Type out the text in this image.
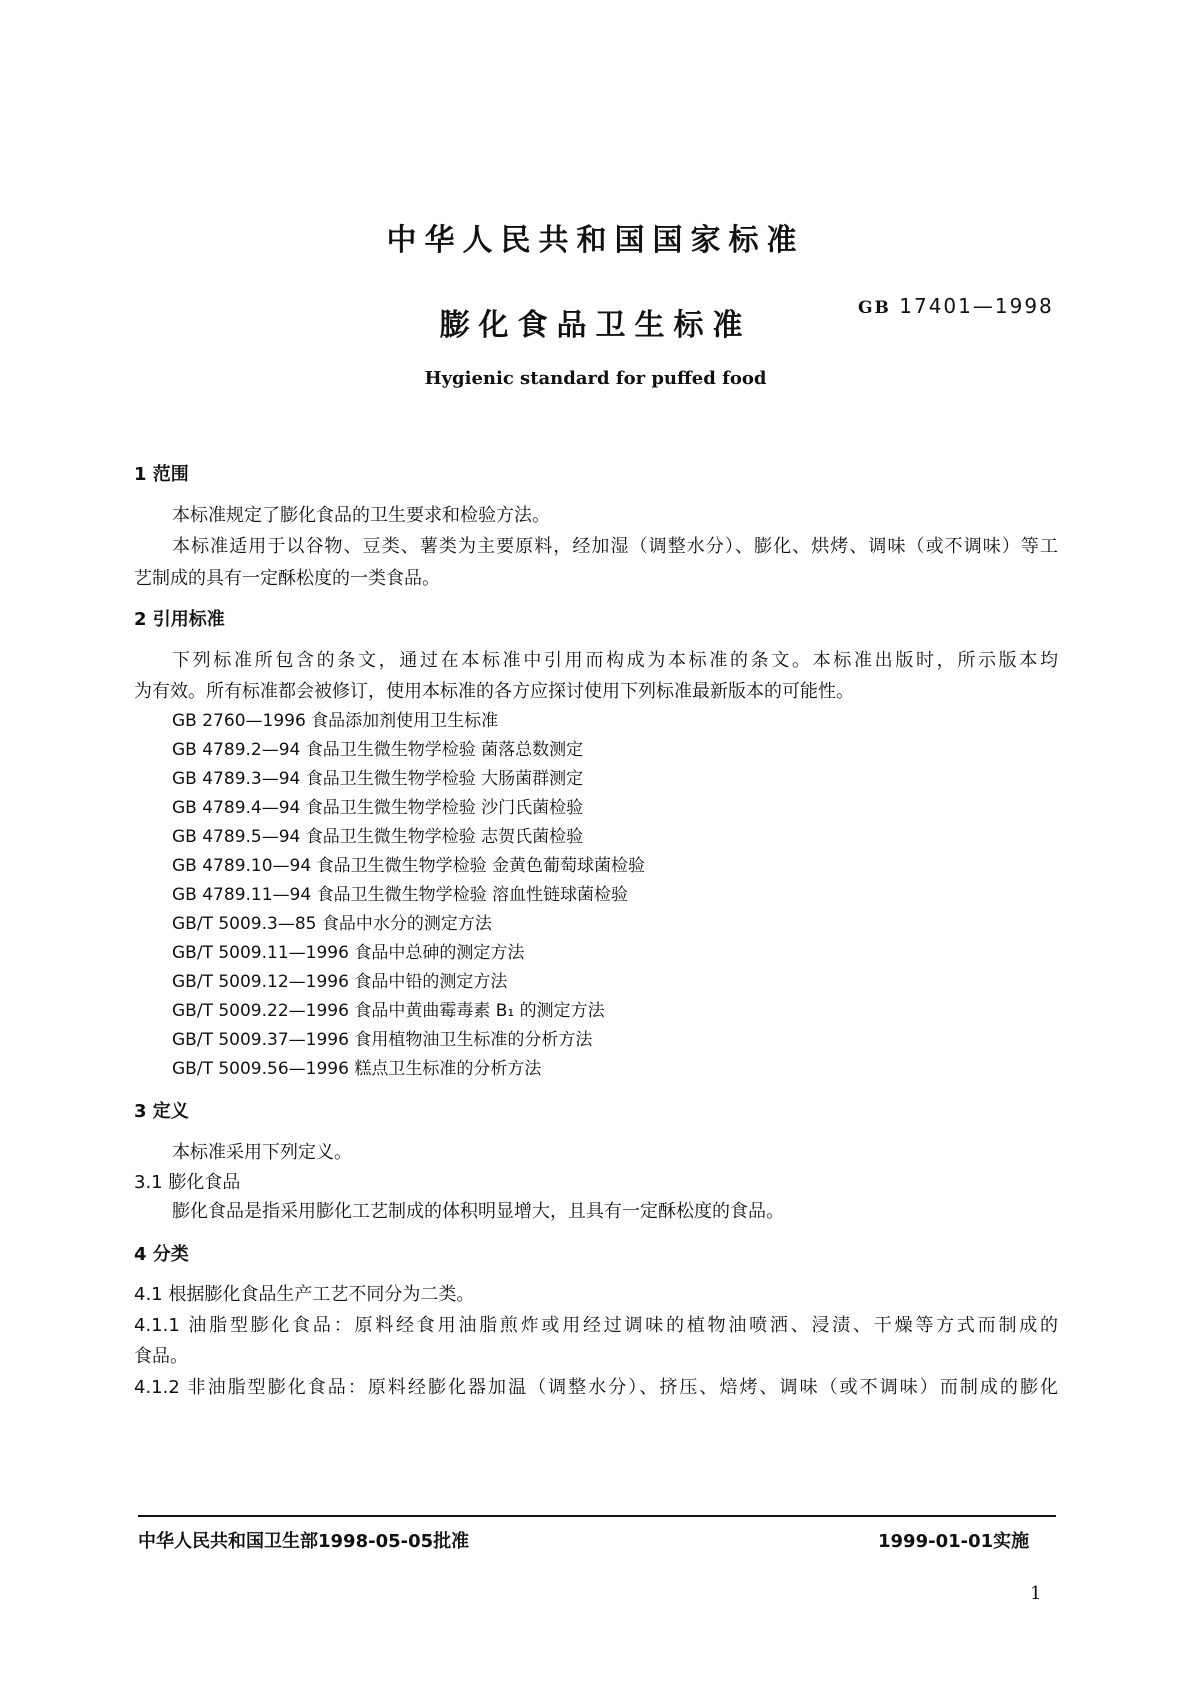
中华人民共和国国家标准
膨化食品卫生标准	GB 17401—1998
Hygienic standard for puffed food
1 范围
本标准规定了膨化食品的卫生要求和检验方法。
本标准适用于以谷物、豆类、薯类为主要原料，经加湿（调整水分）、膨化、烘烤、调味（或不调味）等工
艺制成的具有一定酥松度的一类食品。
2 引用标准
下列标准所包含的条文，通过在本标准中引用而构成为本标准的条文。本标准出版时，所示版本均
为有效。所有标准都会被修订，使用本标准的各方应探讨使用下列标准最新版本的可能性。
GB 2760—1996 食品添加剂使用卫生标准
GB 4789.2—94 食品卫生微生物学检验 菌落总数测定
GB 4789.3—94 食品卫生微生物学检验 大肠菌群测定
GB 4789.4—94 食品卫生微生物学检验 沙门氏菌检验
GB 4789.5—94 食品卫生微生物学检验 志贺氏菌检验
GB 4789.10—94 食品卫生微生物学检验 金黄色葡萄球菌检验
GB 4789.11—94 食品卫生微生物学检验 溶血性链球菌检验
GB/T 5009.3—85 食品中水分的测定方法
GB/T 5009.11—1996 食品中总砷的测定方法
GB/T 5009.12—1996 食品中铅的测定方法
GB/T 5009.22—1996 食品中黄曲霉毒素 B₁ 的测定方法
GB/T 5009.37—1996 食用植物油卫生标准的分析方法
GB/T 5009.56—1996 糕点卫生标准的分析方法
3 定义
本标准采用下列定义。
3.1 膨化食品
膨化食品是指采用膨化工艺制成的体积明显增大，且具有一定酥松度的食品。
4 分类
4.1 根据膨化食品生产工艺不同分为二类。
4.1.1 油脂型膨化食品：原料经食用油脂煎炸或用经过调味的植物油喷洒、浸渍、干燥等方式而制成的
食品。
4.1.2 非油脂型膨化食品：原料经膨化器加温（调整水分）、挤压、焙烤、调味（或不调味）而制成的膨化
中华人民共和国卫生部1998-05-05批准	1999-01-01实施
1
